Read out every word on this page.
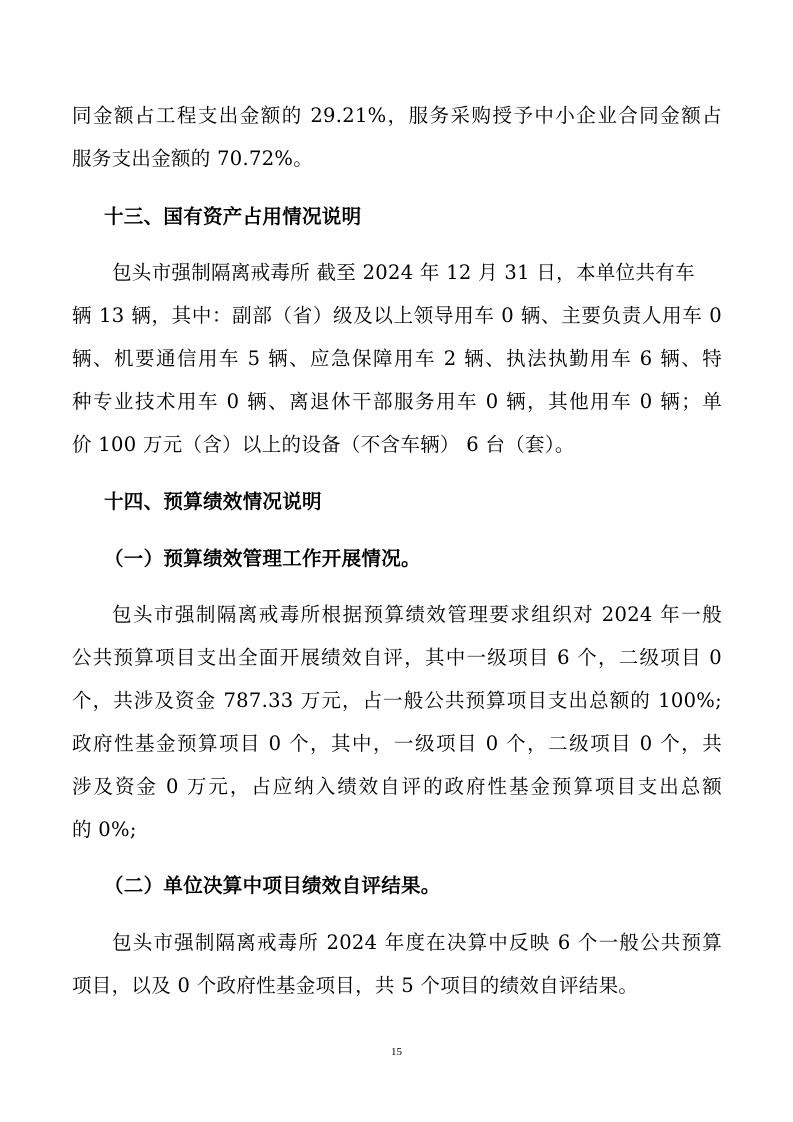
同金额占工程支出金额的 29.21%，服务采购授予中小企业合同金额占
服务支出金额的 70.72%。
十三、国有资产占用情况说明
包头市强制隔离戒毒所 截至 2024 年 12 月 31 日，本单位共有车
辆 13 辆，其中：副部（省）级及以上领导用车 0 辆、主要负责人用车 0
辆、机要通信用车 5 辆、应急保障用车 2 辆、执法执勤用车 6 辆、特
种专业技术用车 0 辆、离退休干部服务用车 0 辆，其他用车 0 辆；单
价 100 万元（含）以上的设备（不含车辆） 6 台（套）。
十四、预算绩效情况说明
（一）预算绩效管理工作开展情况。
包头市强制隔离戒毒所根据预算绩效管理要求组织对 2024 年一般
公共预算项目支出全面开展绩效自评，其中一级项目 6 个，二级项目 0
个，共涉及资金 787.33 万元，占一般公共预算项目支出总额的 100%;
政府性基金预算项目 0 个，其中，一级项目 0 个，二级项目 0 个，共
涉及资金 0 万元，占应纳入绩效自评的政府性基金预算项目支出总额
的 0%;
（二）单位决算中项目绩效自评结果。
包头市强制隔离戒毒所 2024 年度在决算中反映 6 个一般公共预算
项目，以及 0 个政府性基金项目，共 5 个项目的绩效自评结果。
15
